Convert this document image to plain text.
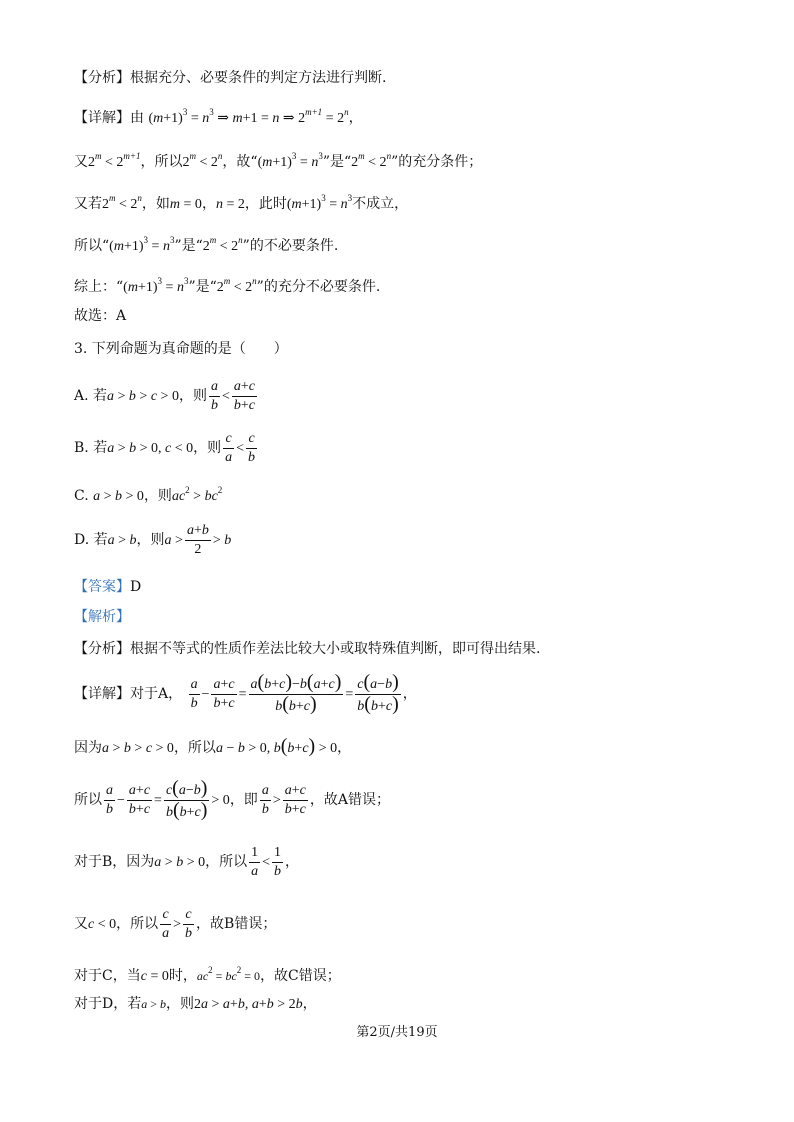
【分析】根据充分、必要条件的判定方法进行判断.
【详解】由 $(m+1)^3 = n^3$ ⇒ m+1 = n ⇒ $2^{m+1} = 2^n$，
又$2^m < 2^{m+1}$，所以$2^m < 2^n$，故“$(m+1)^3 = n^3$”是“$2^m < 2^n$”的充分条件；
又若$2^m < 2^n$，如m = 0，n = 2，此时$(m+1)^3 = n^3$不成立，
所以“$(m+1)^3 = n^3$”是“$2^m < 2^n$”的不必要条件.
综上：“$(m+1)^3 = n^3$”是“$2^m < 2^n$”的充分不必要条件.
故选：A
3. 下列命题为真命题的是（　　）
A. 若a > b > c > 0，则 $\frac{a}{b} < \frac{a+c}{b+c}$
B. 若a > b > 0, c < 0，则 $\frac{c}{a} < \frac{c}{b}$
C. a > b > 0，则$ac^2 > bc^2$
D. 若a > b，则$a > \frac{a+b}{2} > b$
【答案】D
【解析】
【分析】根据不等式的性质作差法比较大小或取特殊值判断，即可得出结果.
【详解】对于A， $\frac{a}{b} - \frac{a+c}{b+c} = \frac{a(b+c)-b(a+c)}{b(b+c)} = \frac{c(a-b)}{b(b+c)}$ ，
因为a > b > c > 0，所以a − b > 0, b(b+c) > 0，
所以 $\frac{a}{b} - \frac{a+c}{b+c} = \frac{c(a-b)}{b(b+c)} > 0$，即 $\frac{a}{b} > \frac{a+c}{b+c}$ ，故A错误；
对于B，因为a > b > 0，所以 $\frac{1}{a} < \frac{1}{b}$ ，
又c < 0，所以 $\frac{c}{a} > \frac{c}{b}$ ，故B错误；
对于C，当c = 0时，$ac^2 = bc^2 = 0$，故C错误；
对于D，若a > b，则2a > a+b, a+b > 2b，
第2页/共19页
